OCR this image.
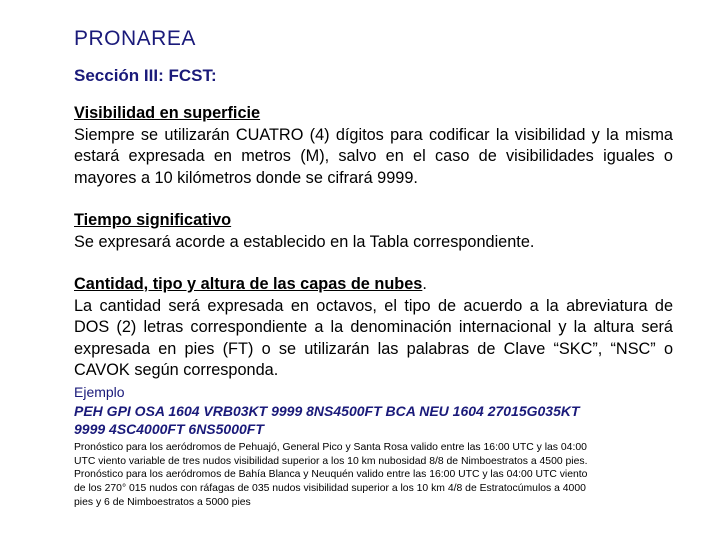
PRONAREA
Sección III: FCST:
Visibilidad en superficie
Siempre se utilizarán CUATRO (4) dígitos para codificar la visibilidad y la misma estará expresada en metros (M), salvo en el caso de visibilidades iguales o mayores a 10 kilómetros donde se cifrará 9999.
Tiempo significativo
Se expresará acorde a establecido en la Tabla correspondiente.
Cantidad, tipo y altura de las capas de nubes.
La cantidad será expresada en octavos, el tipo de acuerdo a la abreviatura de DOS (2) letras correspondiente a la denominación internacional y la altura será expresada en pies (FT) o se utilizarán las palabras de Clave “SKC”, “NSC” o CAVOK según corresponda.
Ejemplo
PEH GPI OSA 1604 VRB03KT 9999 8NS4500FT BCA NEU 1604 27015G035KT
9999 4SC4000FT 6NS5000FT
Pronóstico para los aeródromos de Pehuajó, General Pico y Santa Rosa valido entre las 16:00 UTC y las 04:00
UTC viento variable de tres nudos visibilidad superior a los 10 km nubosidad 8/8 de Nimboestratos a 4500 pies.
Pronóstico para los aeródromos de Bahía Blanca y Neuquén valido entre las 16:00 UTC y las 04:00 UTC viento
de los 270° 015 nudos con ráfagas de 035 nudos visibilidad superior a los 10 km 4/8 de Estratocúmulos a 4000
pies y 6 de Nimboestratos a 5000 pies
